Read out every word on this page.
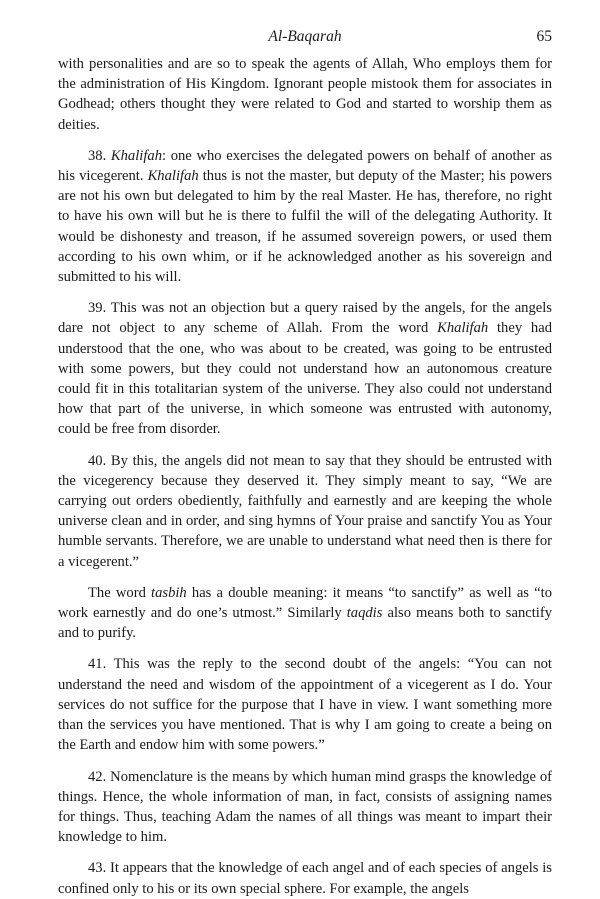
Al-Baqarah	65

with personalities and are so to speak the agents of Allah, Who employs them for the administration of His Kingdom. Ignorant people mistook them for associates in Godhead; others thought they were related to God and started to worship them as deities.

38. Khalifah: one who exercises the delegated powers on behalf of another as his vicegerent. Khalifah thus is not the master, but deputy of the Master; his powers are not his own but delegated to him by the real Master. He has, therefore, no right to have his own will but he is there to fulfil the will of the delegating Authority. It would be dishonesty and treason, if he assumed sovereign powers, or used them according to his own whim, or if he acknowledged another as his sovereign and submitted to his will.

39. This was not an objection but a query raised by the angels, for the angels dare not object to any scheme of Allah. From the word Khalifah they had understood that the one, who was about to be created, was going to be entrusted with some powers, but they could not understand how an autonomous creature could fit in this totalitarian system of the universe. They also could not understand how that part of the universe, in which someone was entrusted with autonomy, could be free from disorder.

40. By this, the angels did not mean to say that they should be entrusted with the vicegerency because they deserved it. They simply meant to say, “We are carrying out orders obediently, faithfully and earnestly and are keeping the whole universe clean and in order, and sing hymns of Your praise and sanctify You as Your humble servants. Therefore, we are unable to understand what need then is there for a vicegerent.”

The word tasbih has a double meaning: it means “to sanctify” as well as “to work earnestly and do one’s utmost.” Similarly taqdis also means both to sanctify and to purify.

41. This was the reply to the second doubt of the angels: “You can not understand the need and wisdom of the appointment of a vicegerent as I do. Your services do not suffice for the purpose that I have in view. I want something more than the services you have mentioned. That is why I am going to create a being on the Earth and endow him with some powers.”

42. Nomenclature is the means by which human mind grasps the knowledge of things. Hence, the whole information of man, in fact, consists of assigning names for things. Thus, teaching Adam the names of all things was meant to impart their knowledge to him.

43. It appears that the knowledge of each angel and of each species of angels is confined only to his or its own special sphere. For example, the angels
